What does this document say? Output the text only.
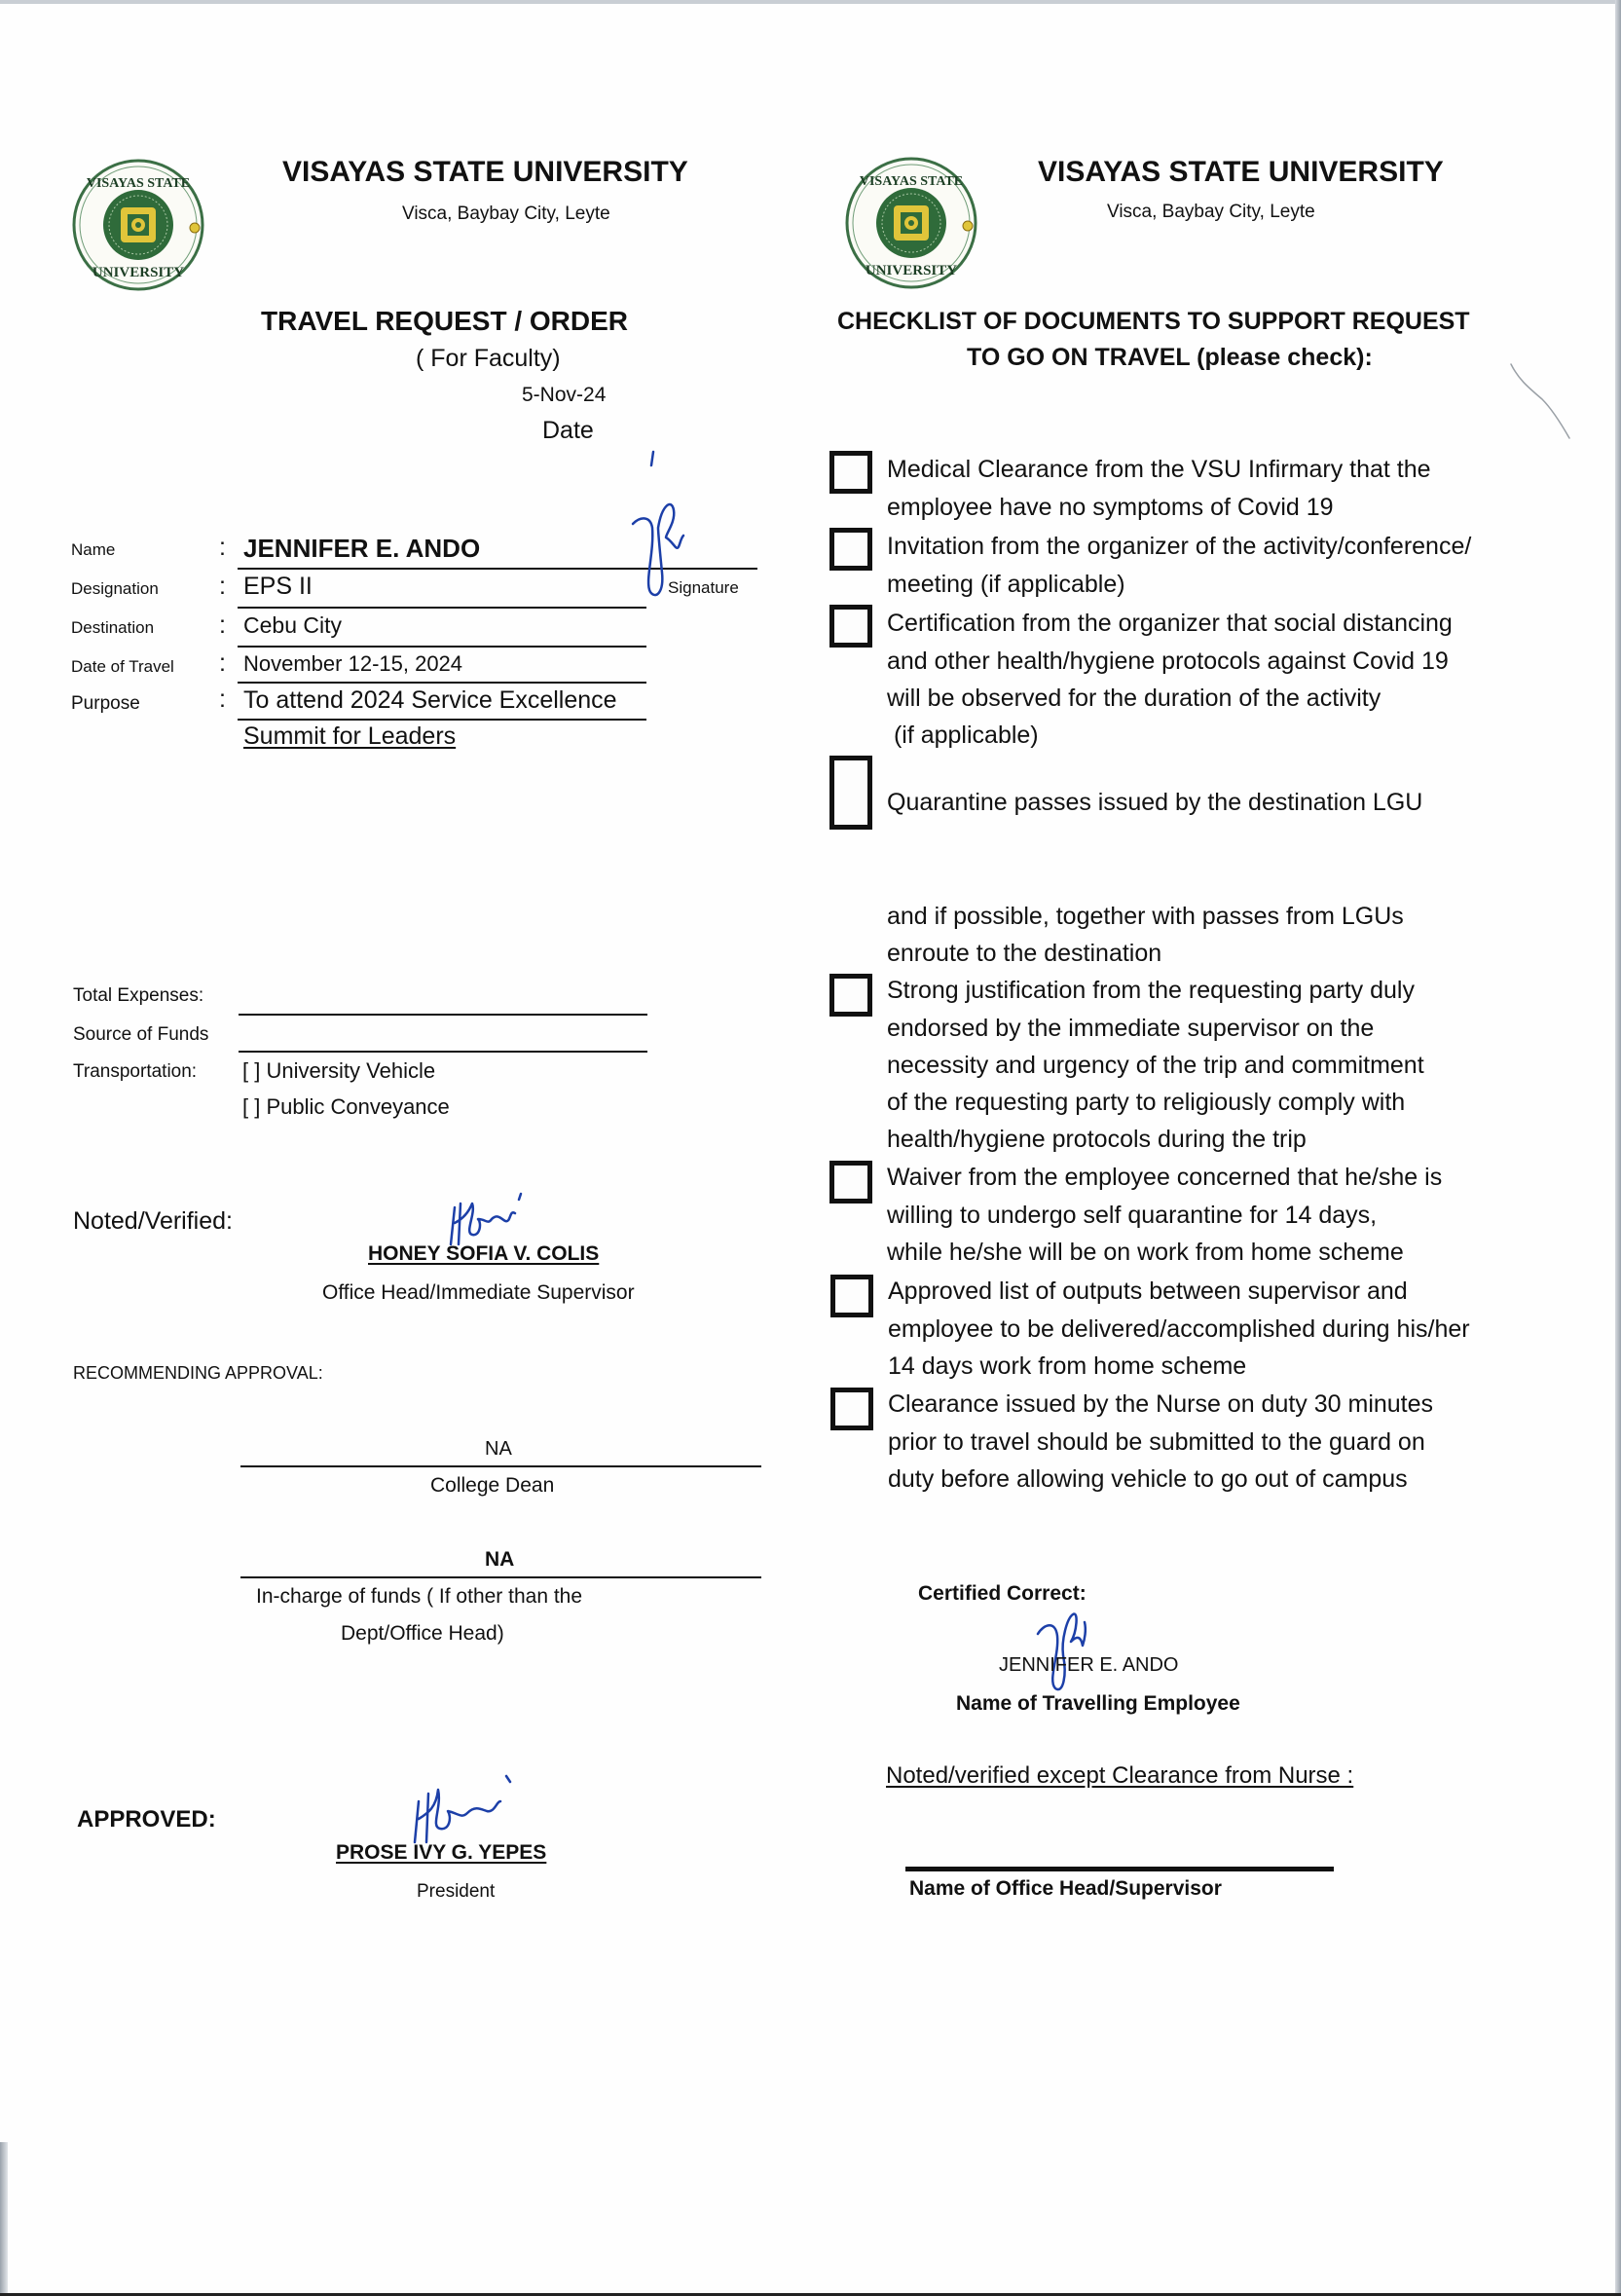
VISAYAS STATE
UNIVERSITY
VISAYAS STATE UNIVERSITY
Visca, Baybay City, Leyte
TRAVEL REQUEST / ORDER
( For Faculty)
5-Nov-24
Date
Name	: JENNIFER E. ANDO
Signature
Designation : EPS II
Destination	: Cebu City
Date of Travel : November 12-15, 2024
Purpose	: To attend 2024 Service Excellence
Summit for Leaders
Total Expenses:
Source of Funds
Transportation: [ ] University Vehicle
[ ] Public Conveyance
Noted/Verified:
HONEY SOFIA V. COLIS
Office Head/Immediate Supervisor
RECOMMENDING APPROVAL:
NA
College Dean
NA
In-charge of funds ( If other than the
Dept/Office Head)
APPROVED:
PROSE IVY G. YEPES
President
VISAYAS STATE
UNIVERSITY
VISAYAS STATE UNIVERSITY
Visca, Baybay City, Leyte
CHECKLIST OF DOCUMENTS TO SUPPORT REQUEST
TO GO ON TRAVEL (please check):
Medical Clearance from the VSU Infirmary that the
employee have no symptoms of Covid 19
Invitation from the organizer of the activity/conference/
meeting (if applicable)
Certification from the organizer that social distancing
and other health/hygiene protocols against Covid 19
will be observed for the duration of the activity
(if applicable)
Quarantine passes issued by the destination LGU
and if possible, together with passes from LGUs
enroute to the destination
Strong justification from the requesting party duly
endorsed by the immediate supervisor on the
necessity and urgency of the trip and commitment
of the requesting party to religiously comply with
health/hygiene protocols during the trip
Waiver from the employee concerned that he/she is
willing to undergo self quarantine for 14 days,
while he/she will be on work from home scheme
Approved list of outputs between supervisor and
employee to be delivered/accomplished during his/her
14 days work from home scheme
Clearance issued by the Nurse on duty 30 minutes
prior to travel should be submitted to the guard on
duty before allowing vehicle to go out of campus
Certified Correct:
JENNIFER E. ANDO
Name of Travelling Employee
Noted/verified except Clearance from Nurse :
Name of Office Head/Supervisor
